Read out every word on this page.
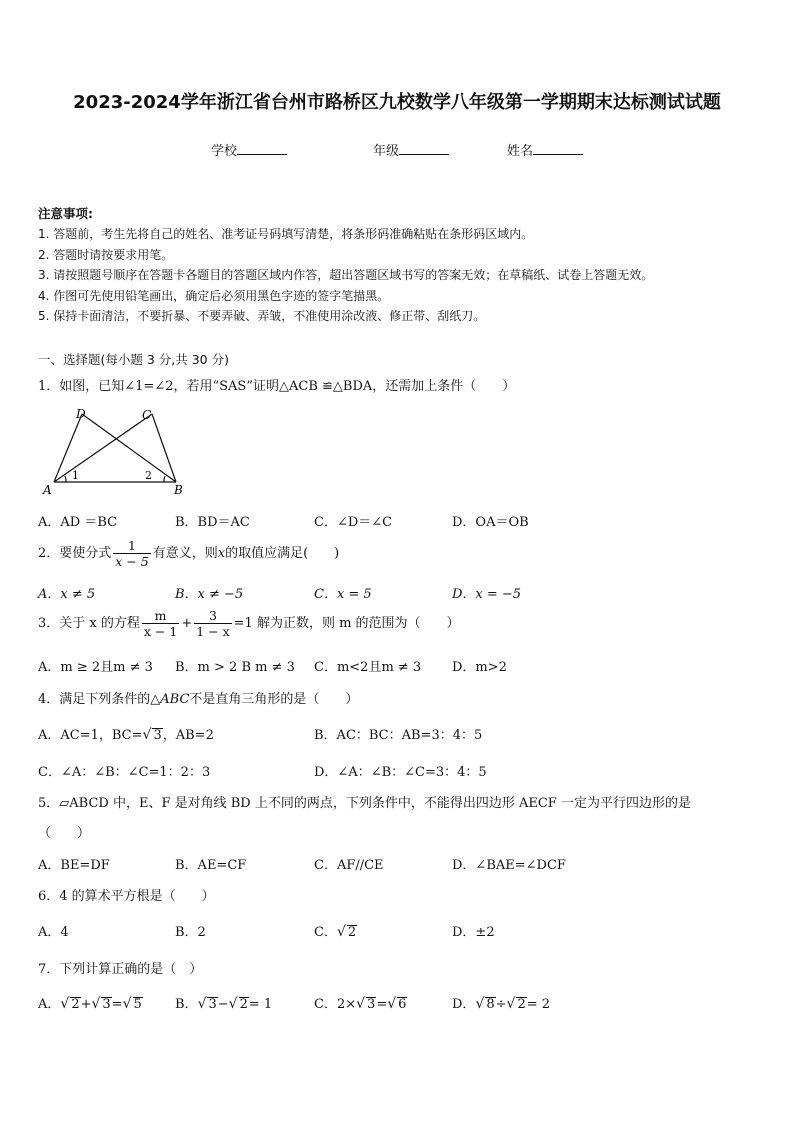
2023-2024学年浙江省台州市路桥区九校数学八年级第一学期期末达标测试试题
学校	年级	姓名
注意事项:
1. 答题前，考生先将自己的姓名、准考证号码填写清楚，将条形码准确粘贴在条形码区域内。
2. 答题时请按要求用笔。
3. 请按照题号顺序在答题卡各题目的答题区域内作答，超出答题区域书写的答案无效；在草稿纸、试卷上答题无效。
4. 作图可先使用铅笔画出，确定后必须用黑色字迹的签字笔描黑。
5. 保持卡面清洁，不要折暴、不要弄破、弄皱，不准使用涂改液、修正带、刮纸刀。
一、选择题(每小题 3 分,共 30 分)
1．如图，已知∠1=∠2，若用“SAS”证明△ACB ≌△BDA，还需加上条件（　　）
A	B
C
D
1	2
A．AD ＝BC	B．BD＝AC	C．∠D＝∠C	D．OA＝OB
2．要使分式 $\frac{1}{x - 5}$ 有意义，则x的取值应满足(　　)
A．x ≠ 5	B．x ≠ −5	C．x = 5	D．x = −5
3．关于 x 的方程 $\frac{m}{x - 1} + \frac{3}{1 - x} =1$ 解为正数，则 m 的范围为（　　）
A．m ≥ 2且m ≠ 3 B．m > 2 B m ≠ 3 C．m<2且m ≠ 3 D．m>2
4．满足下列条件的△ABC不是直角三角形的是（　　）
A．AC=1，BC=√ 3，AB=2	B．AC：BC：AB=3：4：5
C．∠A：∠B：∠C=1：2：3	D．∠A：∠B：∠C=3：4：5
5．▱ABCD 中，E、F 是对角线 BD 上不同的两点，下列条件中，不能得出四边形 AECF 一定为平行四边形的是
（　　）
A．BE=DF	B．AE=CF	C．AF//CE	D．∠BAE=∠DCF
6．4 的算术平方根是（　　）
A．4	B．2	C．√ 2	D．±2
7．下列计算正确的是（　）
A．√ 2+√ 3=√ 5	B．√ 3−√ 2= 1	C．2×√ 3=√ 6	D．√ 8÷√ 2= 2
